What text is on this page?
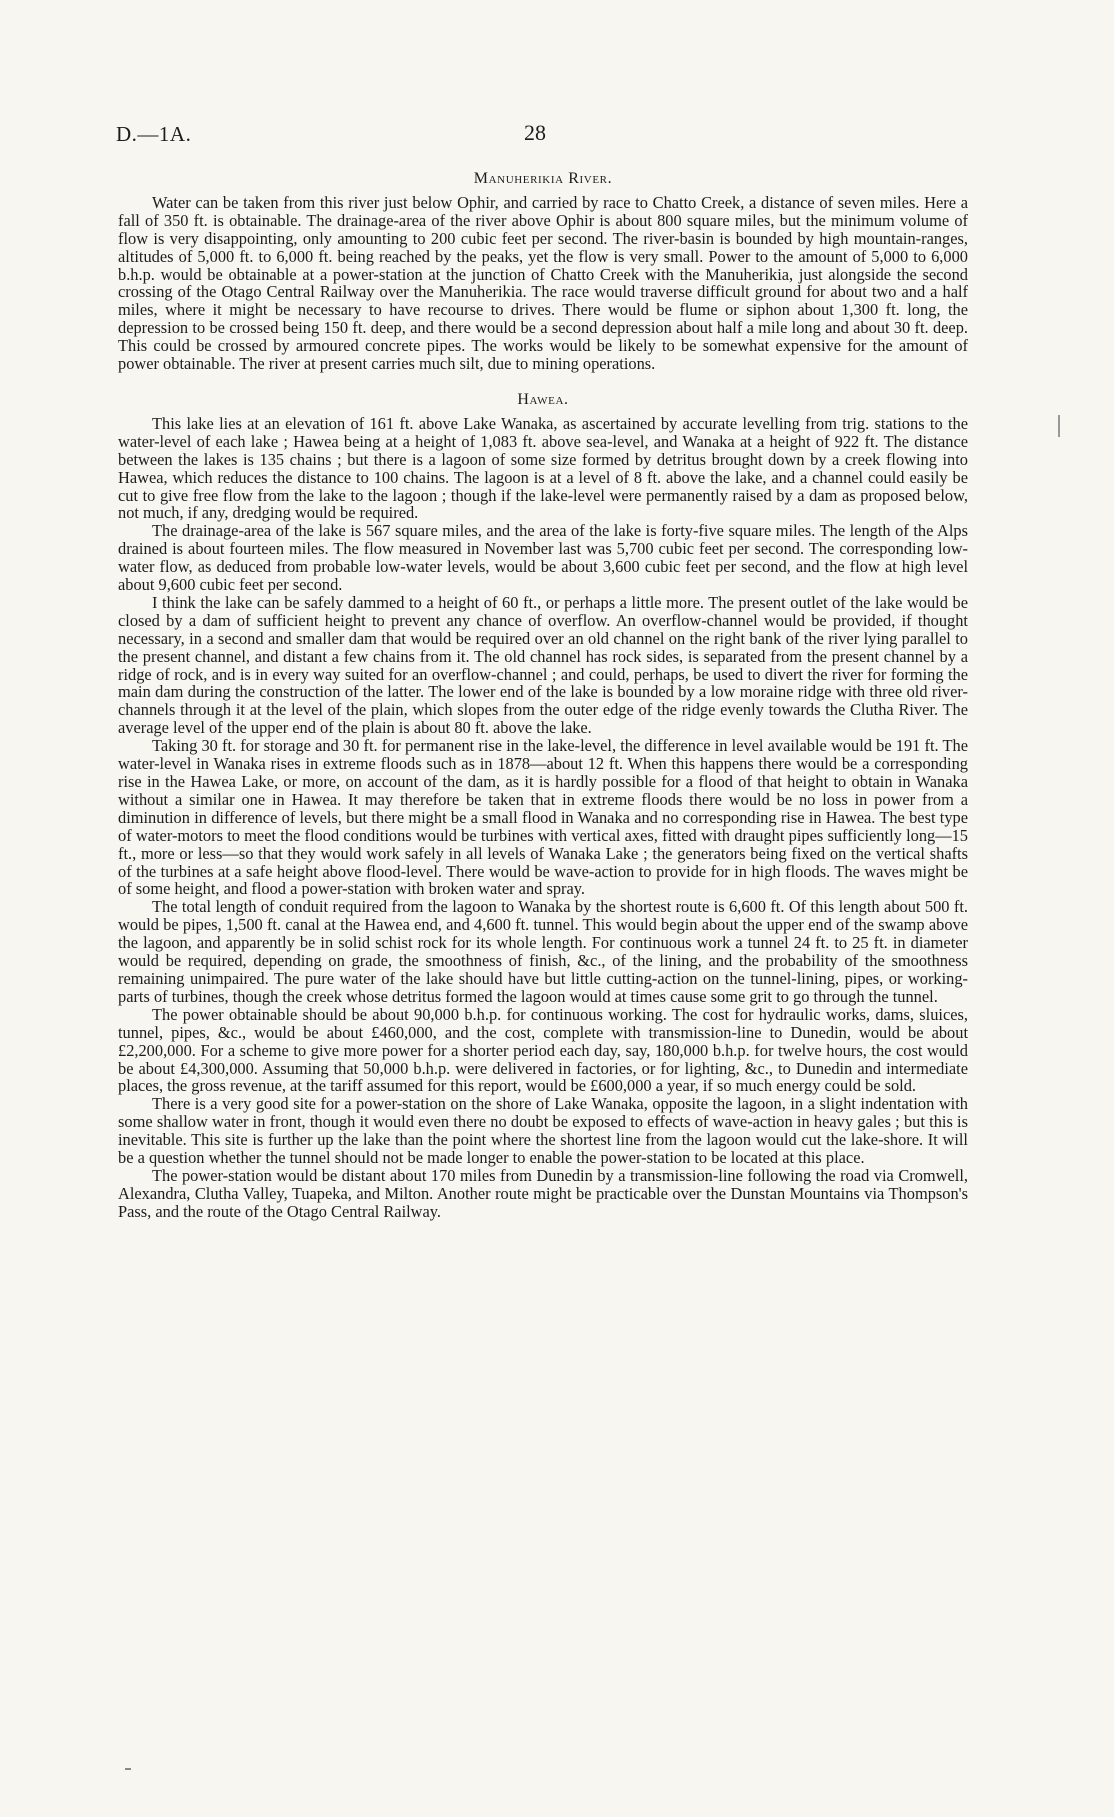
D.—1A.	28
Manuherikia River.

Water can be taken from this river just below Ophir, and carried by race to Chatto Creek, a distance of seven miles. Here a fall of 350 ft. is obtainable. The drainage-area of the river above Ophir is about 800 square miles, but the minimum volume of flow is very disappointing, only amounting to 200 cubic feet per second. The river-basin is bounded by high mountain-ranges, altitudes of 5,000 ft. to 6,000 ft. being reached by the peaks, yet the flow is very small. Power to the amount of 5,000 to 6,000 b.h.p. would be obtainable at a power-station at the junction of Chatto Creek with the Manuherikia, just alongside the second crossing of the Otago Central Railway over the Manuherikia. The race would traverse difficult ground for about two and a half miles, where it might be necessary to have recourse to drives. There would be flume or siphon about 1,300 ft. long, the depression to be crossed being 150 ft. deep, and there would be a second depression about half a mile long and about 30 ft. deep. This could be crossed by armoured concrete pipes. The works would be likely to be somewhat expensive for the amount of power obtainable. The river at present carries much silt, due to mining operations.

Hawea.

This lake lies at an elevation of 161 ft. above Lake Wanaka, as ascertained by accurate levelling from trig. stations to the water-level of each lake ; Hawea being at a height of 1,083 ft. above sea-level, and Wanaka at a height of 922 ft. The distance between the lakes is 135 chains ; but there is a lagoon of some size formed by detritus brought down by a creek flowing into Hawea, which reduces the distance to 100 chains. The lagoon is at a level of 8 ft. above the lake, and a channel could easily be cut to give free flow from the lake to the lagoon ; though if the lake-level were permanently raised by a dam as proposed below, not much, if any, dredging would be required.

The drainage-area of the lake is 567 square miles, and the area of the lake is forty-five square miles. The length of the Alps drained is about fourteen miles. The flow measured in November last was 5,700 cubic feet per second. The corresponding low-water flow, as deduced from probable low-water levels, would be about 3,600 cubic feet per second, and the flow at high level about 9,600 cubic feet per second.

I think the lake can be safely dammed to a height of 60 ft., or perhaps a little more. The present outlet of the lake would be closed by a dam of sufficient height to prevent any chance of overflow. An overflow-channel would be provided, if thought necessary, in a second and smaller dam that would be required over an old channel on the right bank of the river lying parallel to the present channel, and distant a few chains from it. The old channel has rock sides, is separated from the present channel by a ridge of rock, and is in every way suited for an overflow-channel ; and could, perhaps, be used to divert the river for forming the main dam during the construction of the latter. The lower end of the lake is bounded by a low moraine ridge with three old river-channels through it at the level of the plain, which slopes from the outer edge of the ridge evenly towards the Clutha River. The average level of the upper end of the plain is about 80 ft. above the lake.

Taking 30 ft. for storage and 30 ft. for permanent rise in the lake-level, the difference in level available would be 191 ft. The water-level in Wanaka rises in extreme floods such as in 1878—about 12 ft. When this happens there would be a corresponding rise in the Hawea Lake, or more, on account of the dam, as it is hardly possible for a flood of that height to obtain in Wanaka without a similar one in Hawea. It may therefore be taken that in extreme floods there would be no loss in power from a diminution in difference of levels, but there might be a small flood in Wanaka and no corresponding rise in Hawea. The best type of water-motors to meet the flood conditions would be turbines with vertical axes, fitted with draught pipes sufficiently long—15 ft., more or less—so that they would work safely in all levels of Wanaka Lake ; the generators being fixed on the vertical shafts of the turbines at a safe height above flood-level. There would be wave-action to provide for in high floods. The waves might be of some height, and flood a power-station with broken water and spray.

The total length of conduit required from the lagoon to Wanaka by the shortest route is 6,600 ft. Of this length about 500 ft. would be pipes, 1,500 ft. canal at the Hawea end, and 4,600 ft. tunnel. This would begin about the upper end of the swamp above the lagoon, and apparently be in solid schist rock for its whole length. For continuous work a tunnel 24 ft. to 25 ft. in diameter would be required, depending on grade, the smoothness of finish, &c., of the lining, and the probability of the smoothness remaining unimpaired. The pure water of the lake should have but little cutting-action on the tunnel-lining, pipes, or working-parts of turbines, though the creek whose detritus formed the lagoon would at times cause some grit to go through the tunnel.

The power obtainable should be about 90,000 b.h.p. for continuous working. The cost for hydraulic works, dams, sluices, tunnel, pipes, &c., would be about £460,000, and the cost, complete with transmission-line to Dunedin, would be about £2,200,000. For a scheme to give more power for a shorter period each day, say, 180,000 b.h.p. for twelve hours, the cost would be about £4,300,000. Assuming that 50,000 b.h.p. were delivered in factories, or for lighting, &c., to Dunedin and intermediate places, the gross revenue, at the tariff assumed for this report, would be £600,000 a year, if so much energy could be sold.

There is a very good site for a power-station on the shore of Lake Wanaka, opposite the lagoon, in a slight indentation with some shallow water in front, though it would even there no doubt be exposed to effects of wave-action in heavy gales ; but this is inevitable. This site is further up the lake than the point where the shortest line from the lagoon would cut the lake-shore. It will be a question whether the tunnel should not be made longer to enable the power-station to be located at this place.

The power-station would be distant about 170 miles from Dunedin by a transmission-line following the road via Cromwell, Alexandra, Clutha Valley, Tuapeka, and Milton. Another route might be practicable over the Dunstan Mountains via Thompson's Pass, and the route of the Otago Central Railway.
